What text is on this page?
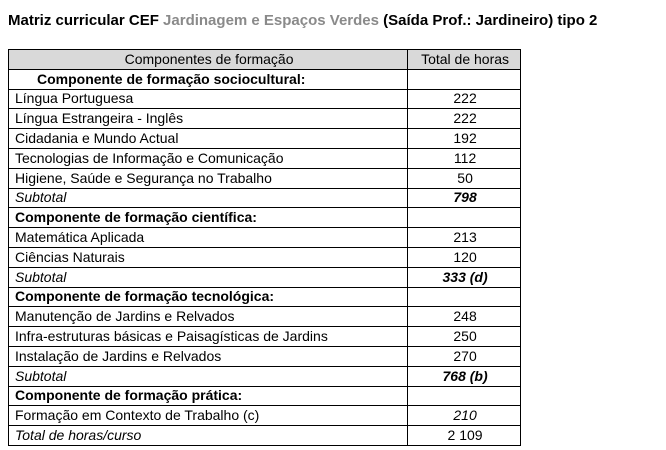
Matriz curricular CEF Jardinagem e Espaços Verdes (Saída Prof.: Jardineiro) tipo 2
Componentes de formação	Total de horas
Componente de formação sociocultural:	
Língua Portuguesa	222
Língua Estrangeira - Inglês	222
Cidadania e Mundo Actual	192
Tecnologias de Informação e Comunicação	112
Higiene, Saúde e Segurança no Trabalho	50
Subtotal	798
Componente de formação científica:	
Matemática Aplicada	213
Ciências Naturais	120
Subtotal	333 (d)
Componente de formação tecnológica:	
Manutenção de Jardins e Relvados	248
Infra-estruturas básicas e Paisagísticas de Jardins	250
Instalação de Jardins e Relvados	270
Subtotal	768 (b)
Componente de formação prática:	
Formação em Contexto de Trabalho (c)	210
Total de horas/curso	2 109
